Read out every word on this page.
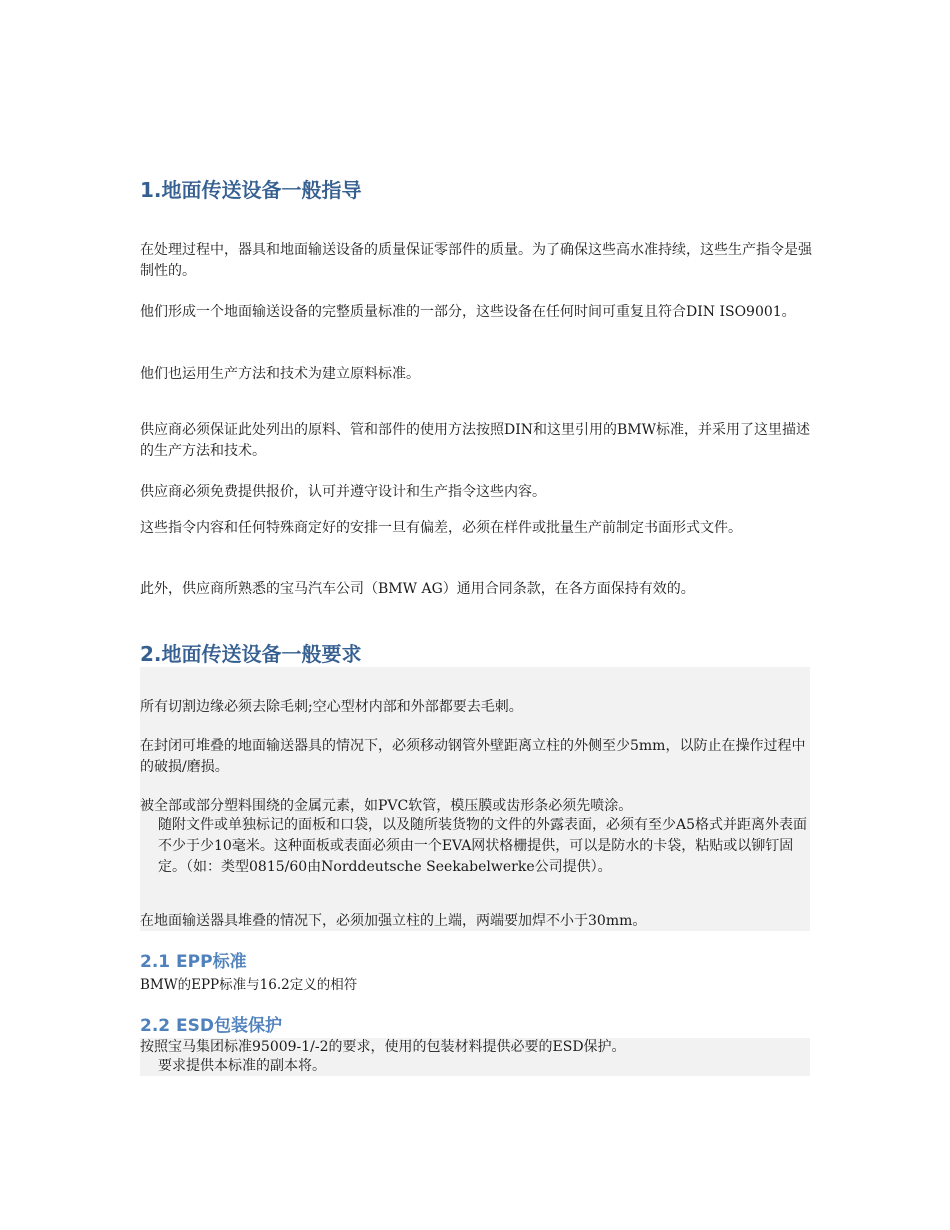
1.地面传送设备一般指导

在处理过程中，器具和地面输送设备的质量保证零部件的质量。为了确保这些高水准持续，这些生产指令是强制性的。

他们形成一个地面输送设备的完整质量标准的一部分，这些设备在任何时间可重复且符合DIN ISO9001。

他们也运用生产方法和技术为建立原料标准。

供应商必须保证此处列出的原料、管和部件的使用方法按照DIN和这里引用的BMW标准，并采用了这里描述的生产方法和技术。

供应商必须免费提供报价，认可并遵守设计和生产指令这些内容。

这些指令内容和任何特殊商定好的安排一旦有偏差，必须在样件或批量生产前制定书面形式文件。

此外，供应商所熟悉的宝马汽车公司（BMW AG）通用合同条款，在各方面保持有效的。

2.地面传送设备一般要求

所有切割边缘必须去除毛刺;空心型材内部和外部都要去毛刺。

在封闭可堆叠的地面输送器具的情况下，必须移动钢管外壁距离立柱的外侧至少5mm，以防止在操作过程中的破损/磨损。

被全部或部分塑料围绕的金属元素，如PVC软管，模压膜或齿形条必须先喷涂。

随附文件或单独标记的面板和口袋，以及随所装货物的文件的外露表面，必须有至少A5格式并距离外表面不少于少10毫米。这种面板或表面必须由一个EVA网状格栅提供，可以是防水的卡袋，粘贴或以铆钉固定。（如：类型0815/60由Norddeutsche Seekabelwerke公司提供）。

在地面输送器具堆叠的情况下，必须加强立柱的上端，两端要加焊不小于30mm。

2.1 EPP标准

BMW的EPP标准与16.2定义的相符

2.2 ESD包装保护

按照宝马集团标准95009-1/-2的要求，使用的包装材料提供必要的ESD保护。

要求提供本标准的副本将。
